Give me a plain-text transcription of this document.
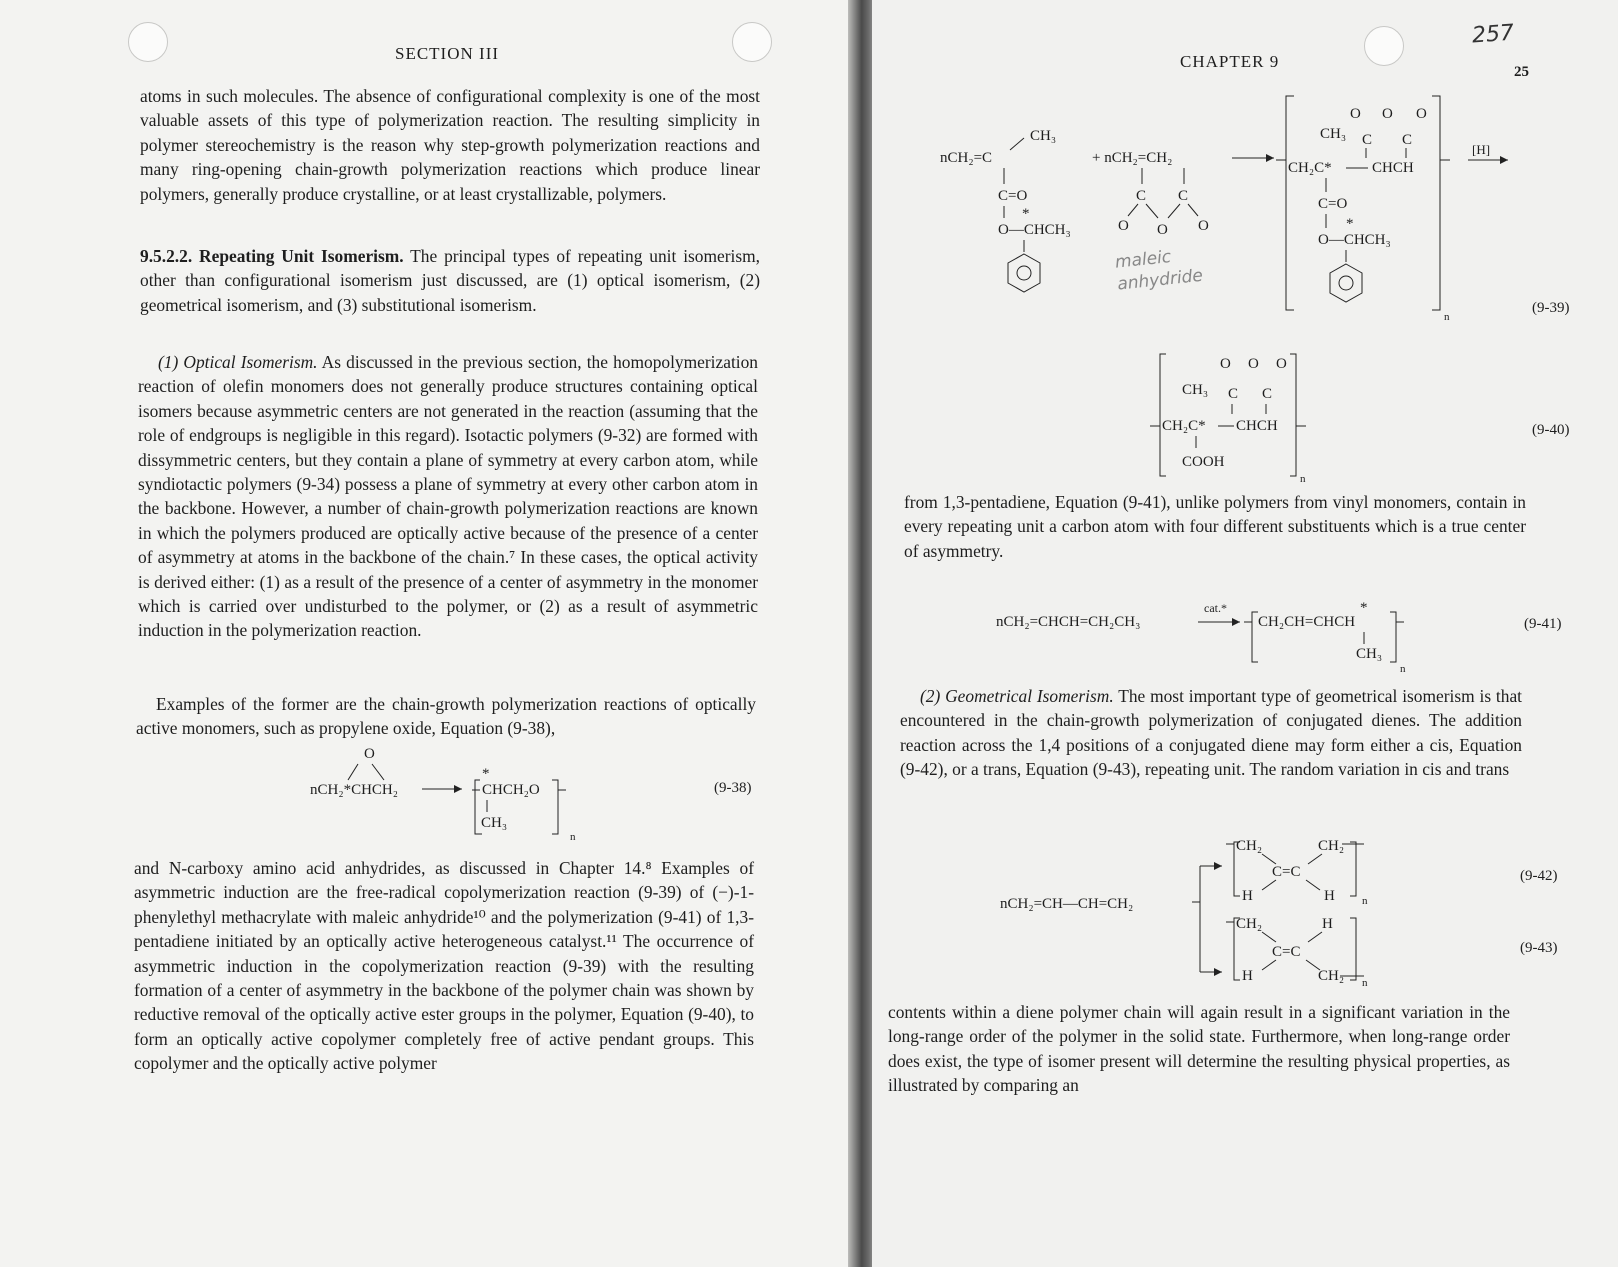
SECTION III

atoms in such molecules. The absence of configurational complexity is one of the most valuable assets of this type of polymerization reaction. The resulting simplicity in polymer stereochemistry is the reason why step-growth polymerization reactions and many ring-opening chain-growth polymerization reactions which produce linear polymers, generally produce crystalline, or at least crystallizable, polymers.

9.5.2.2. Repeating Unit Isomerism. The principal types of repeating unit isomerism, other than configurational isomerism just discussed, are (1) optical isomerism, (2) geometrical isomerism, and (3) substitutional isomerism.

(1) Optical Isomerism. As discussed in the previous section, the homopolymerization reaction of olefin monomers does not generally produce structures containing optical isomers because asymmetric centers are not generated in the reaction (assuming that the role of endgroups is negligible in this regard). Isotactic polymers (9-32) are formed with dissymmetric centers, but they contain a plane of symmetry at every carbon atom, while syndiotactic polymers (9-34) possess a plane of symmetry at every other carbon atom in the backbone. However, a number of chain-growth polymerization reactions are known in which the polymers produced are optically active because of the presence of a center of asymmetry at atoms in the backbone of the chain.⁷ In these cases, the optical activity is derived either: (1) as a result of the presence of a center of asymmetry in the monomer which is carried over undisturbed to the polymer, or (2) as a result of asymmetric induction in the polymerization reaction.

Examples of the former are the chain-growth polymerization reactions of optically active monomers, such as propylene oxide, Equation (9-38),

O
nCH₂*CHCH₂
*
CHCH₂O
CH₃
n
(9-38)

and N-carboxy amino acid anhydrides, as discussed in Chapter 14.⁸ Examples of asymmetric induction are the free-radical copolymerization reaction (9-39) of (−)-1-phenylethyl methacrylate with maleic anhydride¹⁰ and the polymerization (9-41) of 1,3-pentadiene initiated by an optically active heterogeneous catalyst.¹¹ The occurrence of asymmetric induction in the copolymerization reaction (9-39) with the resulting formation of a center of asymmetry in the backbone of the polymer chain was shown by reductive removal of the optically active ester groups in the polymer, Equation (9-40), to form an optically active copolymer completely free of active pendant groups. This copolymer and the optically active polymer

CHAPTER 9
25
257
CH₃
nCH₂=C
C=O
*
O—CHCH₃
+ nCH₂=CH₂
C C
O O O
O O O
CH₃ C C
CH₂C*	CHCH
C=O
*
O—CHCH₃
n
[H]
maleic anhydride
(9-39)
O O O
CH₃ C C
CH₂C* CHCH
COOH
n
(9-40)

from 1,3-pentadiene, Equation (9-41), unlike polymers from vinyl monomers, contain in every repeating unit a carbon atom with four different substituents which is a true center of asymmetry.

nCH₂=CHCH=CH₂CH₃
cat.*	*
CH₂CH=CHCH
CH₃
n
(9-41)

(2) Geometrical Isomerism. The most important type of geometrical isomerism is that encountered in the chain-growth polymerization of conjugated dienes. The addition reaction across the 1,4 positions of a conjugated diene may form either a cis, Equation (9-42), or a trans, Equation (9-43), repeating unit. The random variation in cis and trans

nCH₂=CH—CH=CH₂
CH₂	CH₂
C=C
H	H n
CH₂	H
C=C
H	CH₂ n
(9-42)
(9-43)

contents within a diene polymer chain will again result in a significant variation in the long-range order of the polymer in the solid state. Furthermore, when long-range order does exist, the type of isomer present will determine the resulting physical properties, as illustrated by comparing an
